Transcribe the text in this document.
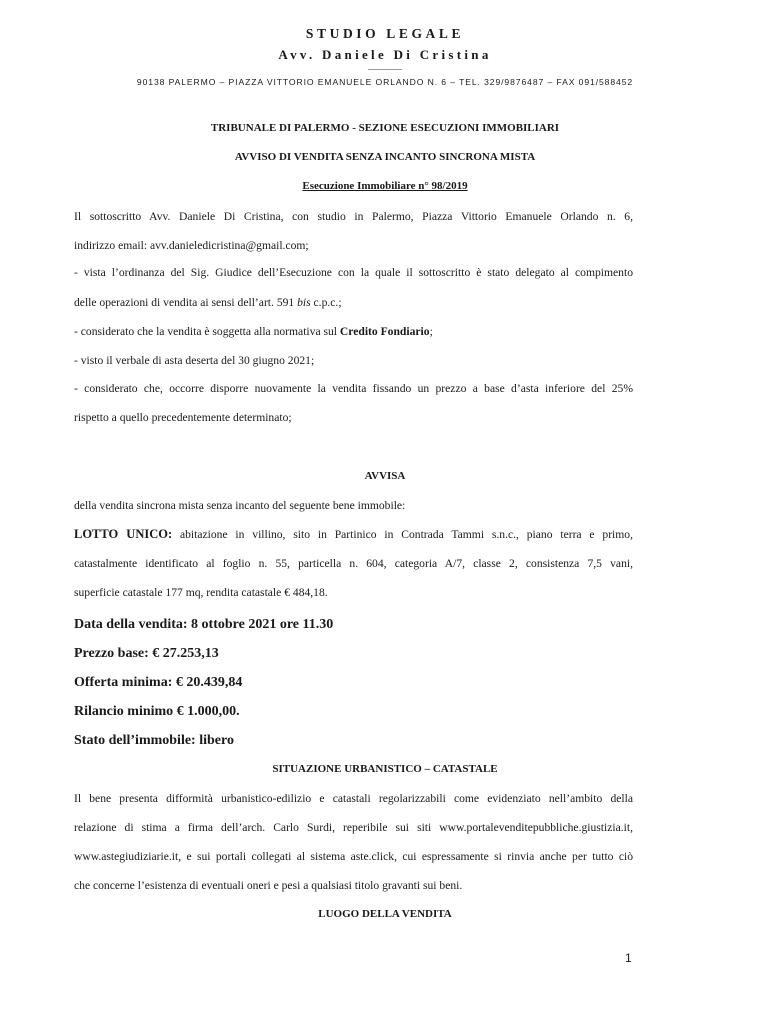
STUDIO LEGALE
Avv. Daniele Di Cristina
90138 PALERMO – PIAZZA VITTORIO EMANUELE ORLANDO N. 6 – TEL. 329/9876487 – FAX 091/588452
TRIBUNALE DI PALERMO - SEZIONE ESECUZIONI IMMOBILIARI
AVVISO DI VENDITA SENZA INCANTO SINCRONA MISTA
Esecuzione Immobiliare n° 98/2019
Il sottoscritto Avv. Daniele Di Cristina, con studio in Palermo, Piazza Vittorio Emanuele Orlando n. 6,
indirizzo email: avv.danieledicristina@gmail.com;
- vista l’ordinanza del Sig. Giudice dell’Esecuzione con la quale il sottoscritto è stato delegato al compimento
delle operazioni di vendita ai sensi dell’art. 591 bis c.p.c.;
- considerato che la vendita è soggetta alla normativa sul Credito Fondiario;
- visto il verbale di asta deserta del 30 giugno 2021;
- considerato che, occorre disporre nuovamente la vendita fissando un prezzo a base d’asta inferiore del 25%
rispetto a quello precedentemente determinato;
AVVISA
della vendita sincrona mista senza incanto del seguente bene immobile:
LOTTO UNICO: abitazione in villino, sito in Partinico in Contrada Tammi s.n.c., piano terra e primo,
catastalmente identificato al foglio n. 55, particella n. 604, categoria A/7, classe 2, consistenza 7,5 vani,
superficie catastale 177 mq, rendita catastale € 484,18.
Data della vendita: 8 ottobre 2021 ore 11.30
Prezzo base: € 27.253,13
Offerta minima: € 20.439,84
Rilancio minimo € 1.000,00.
Stato dell’immobile: libero
SITUAZIONE URBANISTICO – CATASTALE
Il bene presenta difformità urbanistico-edilizio e catastali regolarizzabili come evidenziato nell’ambito della
relazione di stima a firma dell’arch. Carlo Surdi, reperibile sui siti www.portalevenditepubbliche.giustizia.it,
www.astegiudiziarie.it, e sui portali collegati al sistema aste.click, cui espressamente si rinvia anche per tutto ciò
che concerne l’esistenza di eventuali oneri e pesi a qualsiasi titolo gravanti sui beni.
LUOGO DELLA VENDITA
1
